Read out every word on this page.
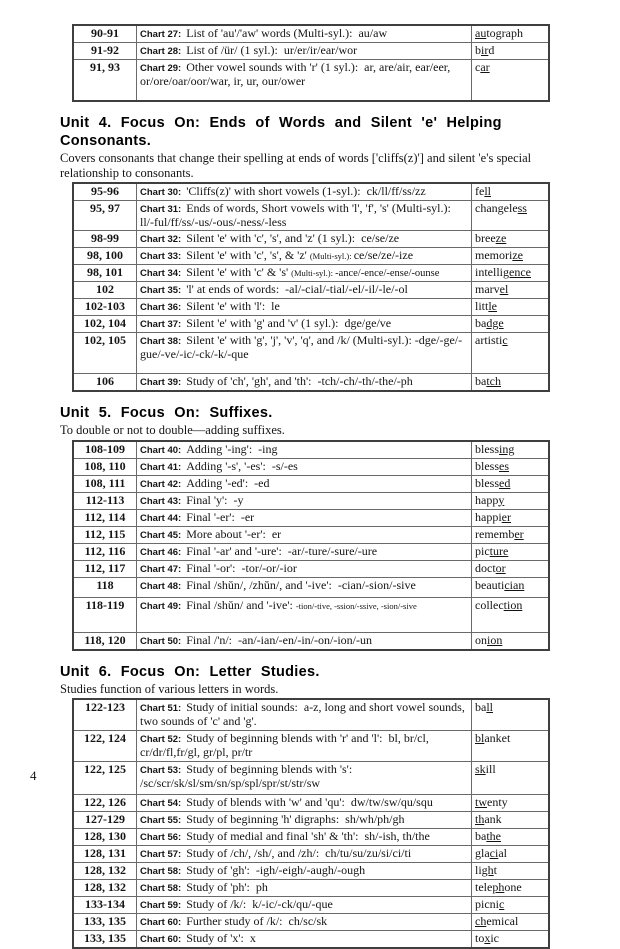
90-91	Chart 27: List of 'au'/'aw' words (Multi-syl.):  au/aw	autograph
91-92	Chart 28: List of /ür/ (1 syl.):  ur/er/ir/ear/wor	bird
91, 93	Chart 29: Other vowel sounds with 'r' (1 syl.):  ar, are/air, ear/eer, or/ore/oar/oor/war, ir, ur, our/ower	car
Unit 4. Focus On: Ends of Words and Silent 'e' Helping Consonants.

Covers consonants that change their spelling at ends of words ['cliffs(z)'] and silent 'e's special relationship to consonants.

95-96	Chart 30: 'Cliffs(z)' with short vowels (1-syl.):  ck/ll/ff/ss/zz	fell
95, 97	Chart 31: Ends of words, Short vowels with 'l', 'f', 's' (Multi-syl.):  ll/-ful/ff/ss/-us/-ous/-ness/-less	changeless
98-99	Chart 32: Silent 'e' with 'c', 's', and 'z' (1 syl.):  ce/se/ze	breeze
98, 100	Chart 33: Silent 'e' with 'c', 's', & 'z' (Multi-syl.): ce/se/ze/-ize	memorize
98, 101	Chart 34: Silent 'e' with 'c' & 's' (Multi-syl.): -ance/-ence/-ense/-ounse	intelligence
102	Chart 35: 'l' at ends of words:  -al/-cial/-tial/-el/-il/-le/-ol	marvel
102-103	Chart 36: Silent 'e' with 'l':  le	little
102, 104	Chart 37: Silent 'e' with 'g' and 'v' (1 syl.):  dge/ge/ve	badge
102, 105	Chart 38: Silent 'e' with 'g', 'j', 'v', 'q', and /k/ (Multi-syl.): -dge/-ge/-gue/-ve/-ic/-ck/-k/-que	artistic
106	Chart 39: Study of 'ch', 'gh', and 'th':  -tch/-ch/-th/-the/-ph	batch
Unit 5. Focus On: Suffixes.

To double or not to double—adding suffixes.

108-109	Chart 40: Adding '-ing':  -ing	blessing
108, 110	Chart 41: Adding '-s', '-es':  -s/-es	blesses
108, 111	Chart 42: Adding '-ed':  -ed	blessed
112-113	Chart 43: Final 'y':  -y	happy
112, 114	Chart 44: Final '-er':  -er	happier
112, 115	Chart 45: More about '-er':  er	remember
112, 116	Chart 46: Final '-ar' and '-ure':  -ar/-ture/-sure/-ure	picture
112, 117	Chart 47: Final '-or':  -tor/-or/-ior	doctor
118	Chart 48: Final /shŭn/, /zhŭn/, and '-ive':  -cian/-sion/-sive	beautician
118-119	Chart 49: Final /shŭn/ and '-ive': -tion/-tive, -ssion/-ssive, -sion/-sive	collection
118, 120	Chart 50: Final /'n/:  -an/-ian/-en/-in/-on/-ion/-un	onion
Unit 6. Focus On: Letter Studies.

Studies function of various letters in words.

122-123	Chart 51: Study of initial sounds:  a-z, long and short vowel sounds, two sounds of 'c' and 'g'.	ball
122, 124	Chart 52: Study of beginning blends with 'r' and 'l':  bl, br/cl, cr/dr/fl,fr/gl, gr/pl, pr/tr	blanket
122, 125	Chart 53: Study of beginning blends with 's': /sc/scr/sk/sl/sm/sn/sp/spl/spr/st/str/sw	skill
122, 126	Chart 54: Study of blends with 'w' and 'qu':  dw/tw/sw/qu/squ	twenty
127-129	Chart 55: Study of beginning 'h' digraphs:  sh/wh/ph/gh	thank
128, 130	Chart 56: Study of medial and final 'sh' & 'th':  sh/-ish, th/the	bathe
128, 131	Chart 57: Study of /ch/, /sh/, and /zh/:  ch/tu/su/zu/si/ci/ti	glacial
128, 132	Chart 58: Study of 'gh':  -igh/-eigh/-augh/-ough	light
128, 132	Chart 58: Study of 'ph':  ph	telephone
133-134	Chart 59: Study of /k/:  k/-ic/-ck/qu/-que	picnic
133, 135	Chart 60: Further study of /k/:  ch/sc/sk	chemical
133, 135	Chart 60: Study of 'x':  x	toxic
4
